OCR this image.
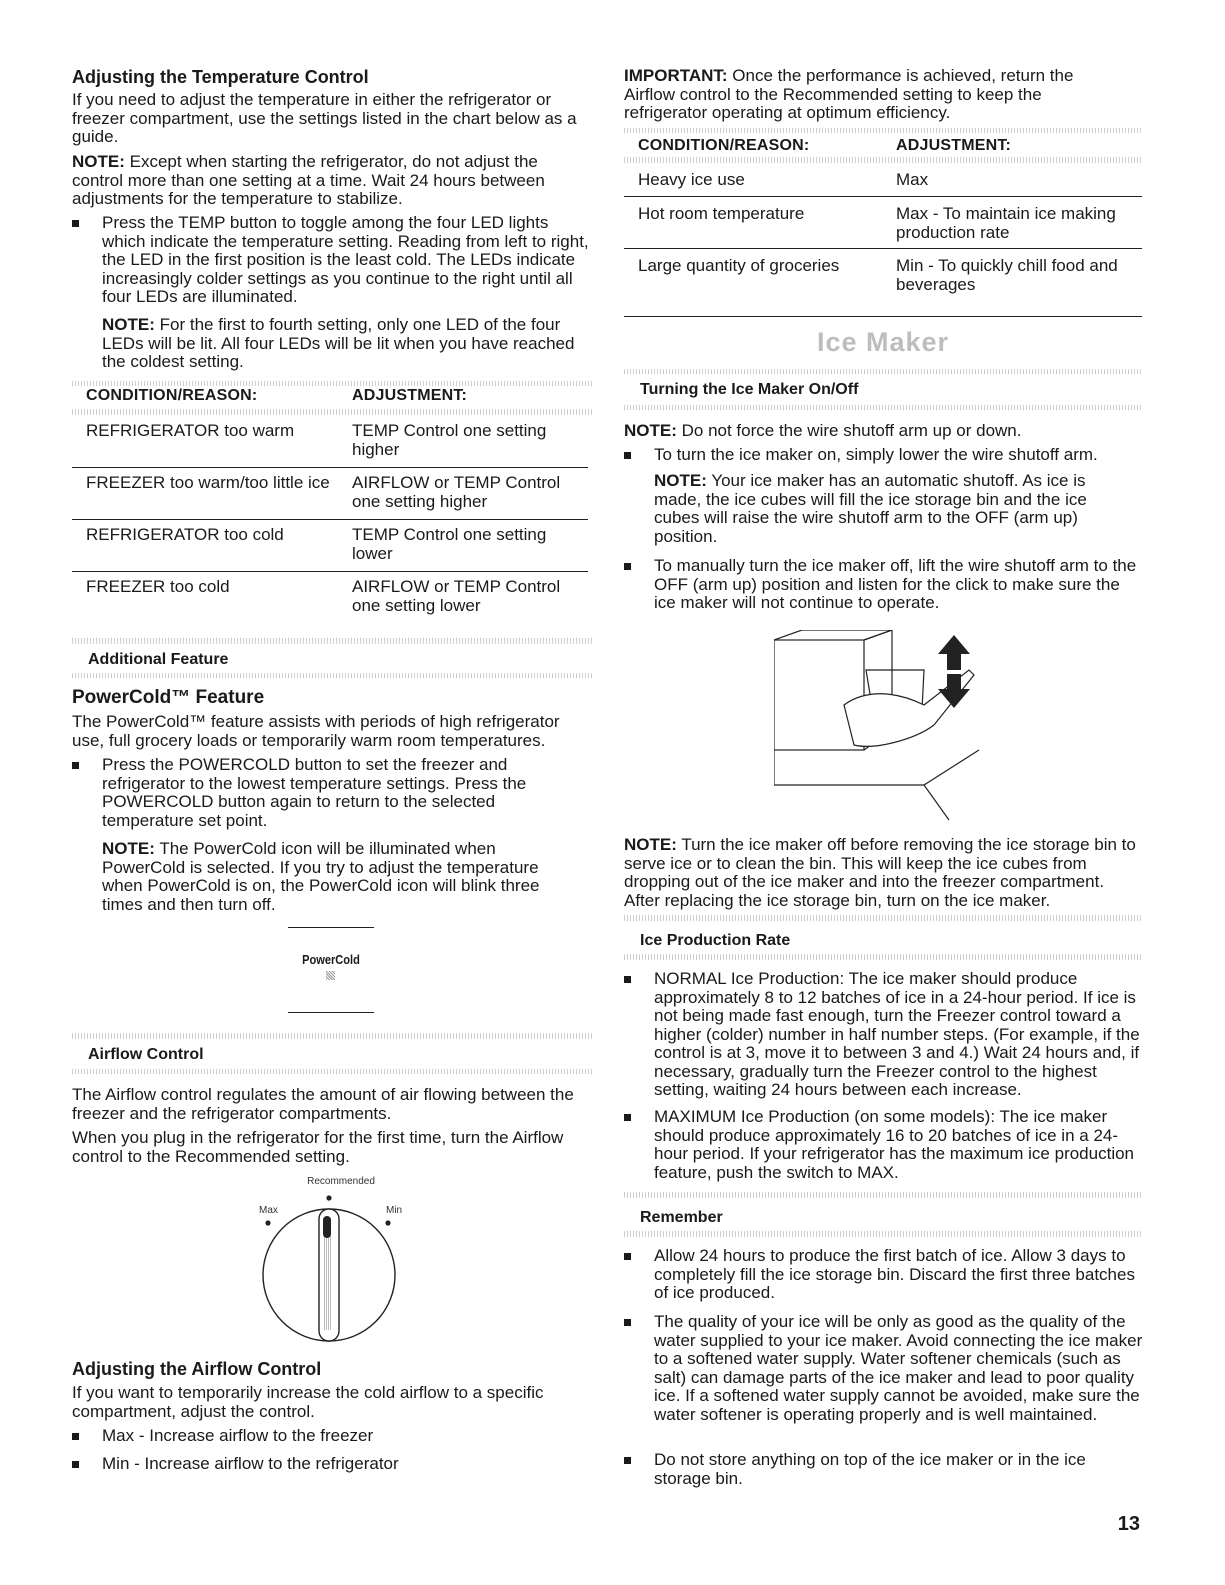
Adjusting the Temperature Control

If you need to adjust the temperature in either the refrigerator or freezer compartment, use the settings listed in the chart below as a guide.

NOTE: Except when starting the refrigerator, do not adjust the control more than one setting at a time. Wait 24 hours between adjustments for the temperature to stabilize.

Press the TEMP button to toggle among the four LED lights which indicate the temperature setting. Reading from left to right, the LED in the first position is the least cold. The LEDs indicate increasingly colder settings as you continue to the right until all four LEDs are illuminated.

NOTE: For the first to fourth setting, only one LED of the four LEDs will be lit. All four LEDs will be lit when you have reached the coldest setting.

CONDITION/REASON:	ADJUSTMENT:
REFRIGERATOR too warm	TEMP Control one setting higher
FREEZER too warm/too little ice	AIRFLOW or TEMP Control one setting higher
REFRIGERATOR too cold	TEMP Control one setting lower
FREEZER too cold	AIRFLOW or TEMP Control one setting lower
Additional Feature
PowerCold™ Feature

The PowerCold™ feature assists with periods of high refrigerator use, full grocery loads or temporarily warm room temperatures.

Press the POWERCOLD button to set the freezer and refrigerator to the lowest temperature settings. Press the POWERCOLD button again to return to the selected temperature set point.

NOTE: The PowerCold icon will be illuminated when PowerCold is selected. If you try to adjust the temperature when PowerCold is on, the PowerCold icon will blink three times and then turn off.

PowerCold
Airflow Control

The Airflow control regulates the amount of air flowing between the freezer and the refrigerator compartments.

When you plug in the refrigerator for the first time, turn the Airflow control to the Recommended setting.

Recommended
Max	Min
Adjusting the Airflow Control

If you want to temporarily increase the cold airflow to a specific compartment, adjust the control.

Max - Increase airflow to the freezer

Min - Increase airflow to the refrigerator

IMPORTANT: Once the performance is achieved, return the Airflow control to the Recommended setting to keep the refrigerator operating at optimum efficiency.

CONDITION/REASON:	ADJUSTMENT:
Heavy ice use	Max
Hot room temperature	Max - To maintain ice making production rate
Large quantity of groceries	Min - To quickly chill food and beverages
Ice Maker
Turning the Ice Maker On/Off

NOTE: Do not force the wire shutoff arm up or down.

To turn the ice maker on, simply lower the wire shutoff arm.

NOTE: Your ice maker has an automatic shutoff. As ice is made, the ice cubes will fill the ice storage bin and the ice cubes will raise the wire shutoff arm to the OFF (arm up) position.

To manually turn the ice maker off, lift the wire shutoff arm to the OFF (arm up) position and listen for the click to make sure the ice maker will not continue to operate.

NOTE: Turn the ice maker off before removing the ice storage bin to serve ice or to clean the bin. This will keep the ice cubes from dropping out of the ice maker and into the freezer compartment. After replacing the ice storage bin, turn on the ice maker.

Ice Production Rate

NORMAL Ice Production: The ice maker should produce approximately 8 to 12 batches of ice in a 24-hour period. If ice is not being made fast enough, turn the Freezer control toward a higher (colder) number in half number steps. (For example, if the control is at 3, move it to between 3 and 4.) Wait 24 hours and, if necessary, gradually turn the Freezer control to the highest setting, waiting 24 hours between each increase.

MAXIMUM Ice Production (on some models): The ice maker should produce approximately 16 to 20 batches of ice in a 24-hour period. If your refrigerator has the maximum ice production feature, push the switch to MAX.

Remember

Allow 24 hours to produce the first batch of ice. Allow 3 days to completely fill the ice storage bin. Discard the first three batches of ice produced.

The quality of your ice will be only as good as the quality of the water supplied to your ice maker. Avoid connecting the ice maker to a softened water supply. Water softener chemicals (such as salt) can damage parts of the ice maker and lead to poor quality ice. If a softened water supply cannot be avoided, make sure the water softener is operating properly and is well maintained.

Do not store anything on top of the ice maker or in the ice storage bin.

13
